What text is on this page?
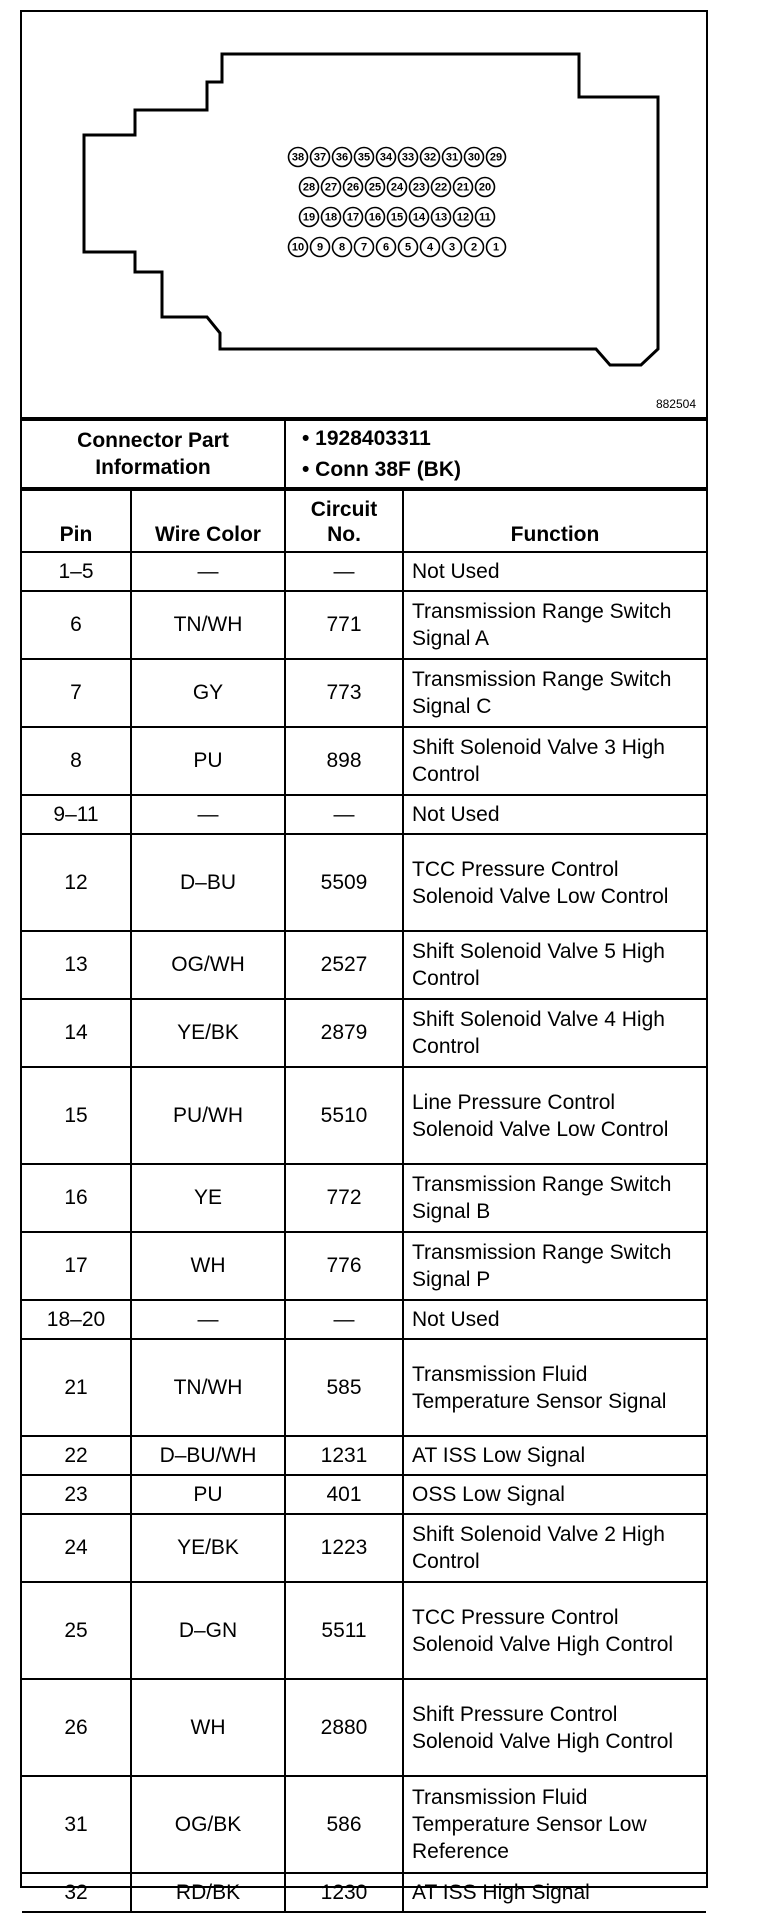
38 37 36 35 34 33 32 31 30 29
28 27 26 25 24 23 22 21 20
19 18 17 16 15 14 13 12 11
10 9 8 7 6 5 4 3 2 1
882504
Connector Part Information	
• 1928403311
• Conn 38F (BK)
Pin	Wire Color	Circuit No.	Function
1–5	—	—	Not Used
6	TN/WH	771	Transmission Range Switch Signal A
7	GY	773	Transmission Range Switch Signal C
8	PU	898	Shift Solenoid Valve 3 High Control
9–11	—	—	Not Used
12	D–BU	5509	TCC Pressure Control Solenoid Valve Low Control
13	OG/WH	2527	Shift Solenoid Valve 5 High Control
14	YE/BK	2879	Shift Solenoid Valve 4 High Control
15	PU/WH	5510	Line Pressure Control Solenoid Valve Low Control
16	YE	772	Transmission Range Switch Signal B
17	WH	776	Transmission Range Switch Signal P
18–20	—	—	Not Used
21	TN/WH	585	Transmission Fluid Temperature Sensor Signal
22	D–BU/WH	1231	AT ISS Low Signal
23	PU	401	OSS Low Signal
24	YE/BK	1223	Shift Solenoid Valve 2 High Control
25	D–GN	5511	TCC Pressure Control Solenoid Valve High Control
26	WH	2880	Shift Pressure Control Solenoid Valve High Control
31	OG/BK	586	Transmission Fluid Temperature Sensor Low Reference
32	RD/BK	1230	AT ISS High Signal
